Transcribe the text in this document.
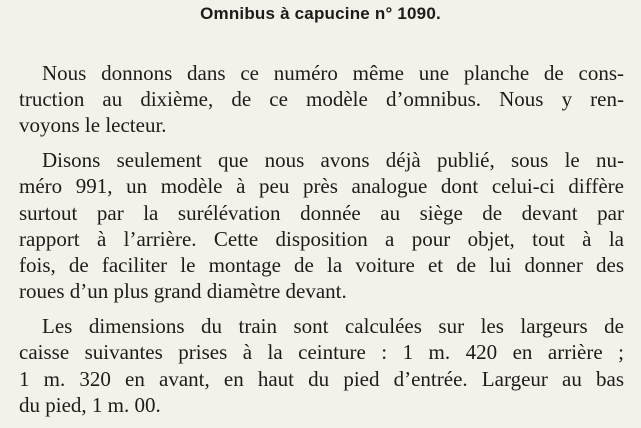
Omnibus à capucine n° 1090.

Nous donnons dans ce numéro même une planche de cons-

truction au dixième, de ce modèle d’omnibus. Nous y ren-

voyons le lecteur.

Disons seulement que nous avons déjà publié, sous le nu-

méro 991, un modèle à peu près analogue dont celui-ci diffère

surtout par la surélévation donnée au siège de devant par

rapport à l’arrière. Cette disposition a pour objet, tout à la

fois, de faciliter le montage de la voiture et de lui donner des

roues d’un plus grand diamètre devant.

Les dimensions du train sont calculées sur les largeurs de

caisse suivantes prises à la ceinture : 1 m. 420 en arrière ;

1 m. 320 en avant, en haut du pied d’entrée. Largeur au bas

du pied, 1 m. 00.
